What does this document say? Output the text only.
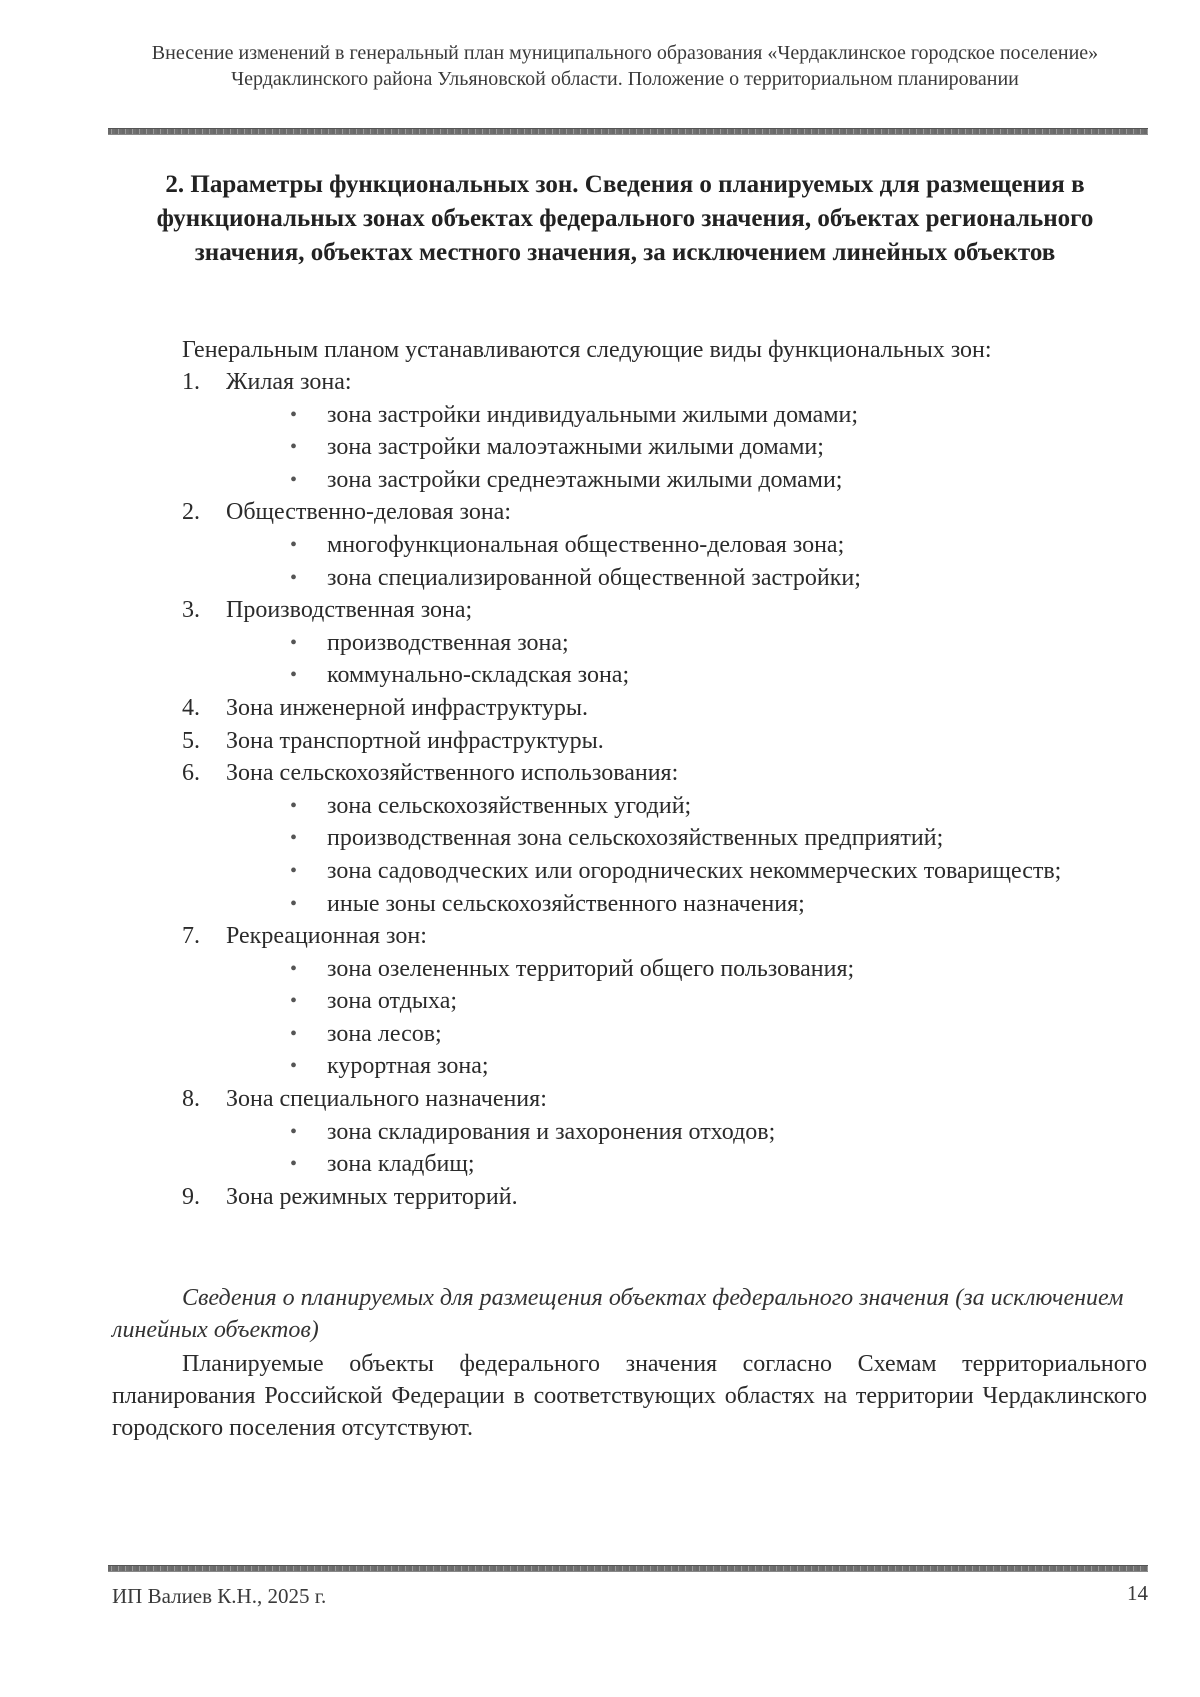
Внесение изменений в генеральный план муниципального образования «Чердаклинское городское поселение» Чердаклинского района Ульяновской области. Положение о территориальном планировании
2. Параметры функциональных зон. Сведения о планируемых для размещения в функциональных зонах объектах федерального значения, объектах регионального значения, объектах местного значения, за исключением линейных объектов
Генеральным планом устанавливаются следующие виды функциональных зон:
1.	Жилая зона:
• зона застройки индивидуальными жилыми домами;
• зона застройки малоэтажными жилыми домами;
• зона застройки среднеэтажными жилыми домами;
2.	Общественно-деловая зона:
• многофункциональная общественно-деловая зона;
• зона специализированной общественной застройки;
3.	Производственная зона;
• производственная зона;
• коммунально-складская зона;
4.	Зона инженерной инфраструктуры.
5.	Зона транспортной инфраструктуры.
6.	Зона сельскохозяйственного использования:
• зона сельскохозяйственных угодий;
• производственная зона сельскохозяйственных предприятий;
• зона садоводческих или огороднических некоммерческих товариществ;
• иные зоны сельскохозяйственного назначения;
7.	Рекреационная зон:
• зона озелененных территорий общего пользования;
• зона отдыха;
• зона лесов;
• курортная зона;
8.	Зона специального назначения:
• зона складирования и захоронения отходов;
• зона кладбищ;
9.	Зона режимных территорий.
Сведения о планируемых для размещения объектах федерального значения (за исключением линейных объектов)
Планируемые объекты федерального значения согласно Схемам территориального планирования Российской Федерации в соответствующих областях на территории Чердаклинского городского поселения отсутствуют.
ИП Валиев К.Н., 2025 г.	14
